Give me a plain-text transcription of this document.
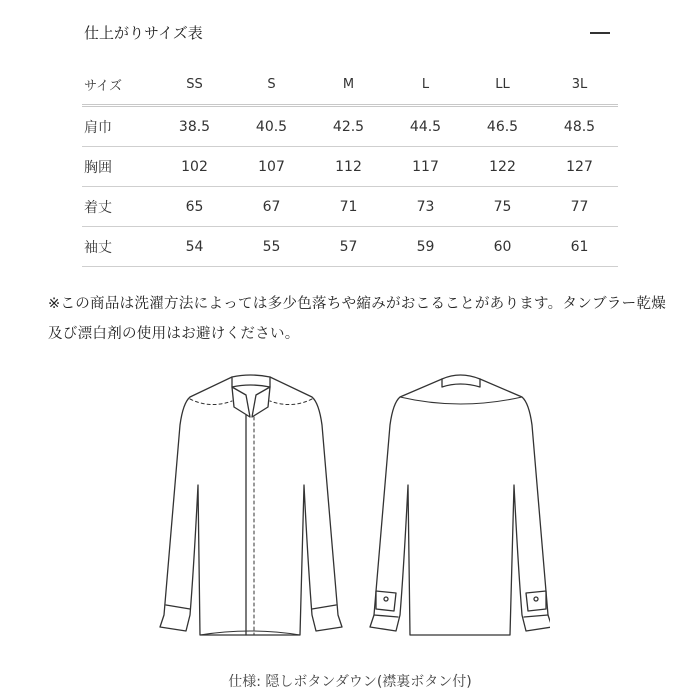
仕上がりサイズ表
サイズ	SS	S	M	L	LL	3L
肩巾	38.5	40.5	42.5	44.5	46.5	48.5
胸囲	102	107	112	117	122	127
着丈	65	67	71	73	75	77
袖丈	54	55	57	59	60	61
※この商品は洗濯方法によっては多少色落ちや縮みがおこることがあります。タンブラー乾燥及び漂白剤の使用はお避けください。
仕様: 隠しボタンダウン(襟裏ボタン付)
